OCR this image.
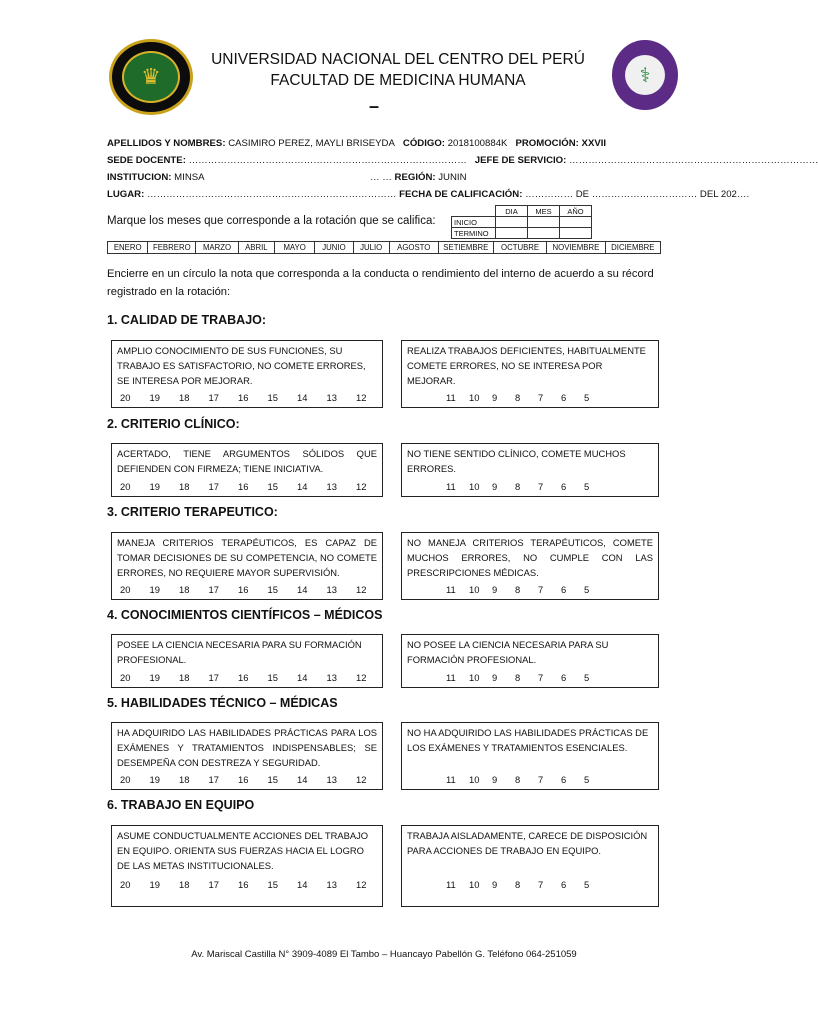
♛	⚕
UNIVERSIDAD NACIONAL DEL CENTRO DEL PERÚ
FACULTAD DE MEDICINA HUMANA
–
APELLIDOS Y NOMBRES: CASIMIRO PEREZ, MAYLI BRISEYDA CÓDIGO: 2018100884K PROMOCIÓN: XXVII
SEDE DOCENTE: …………………………………………………………………………… JEFE DE SERVICIO: ……………………………………………………………………
INSTITUCION: MINSA	… … REGIÓN: JUNIN
LUGAR: …………………………………………………………………… FECHA DE CALIFICACIÓN: …………… DE …………………………… DEL 202….
Marque los meses que corresponde a la rotación que se califica:
	DIA	MES	AÑO
INICIO			
TERMINO			
ENERO	FEBRERO	MARZO	ABRIL	MAYO	JUNIO	JULIO	AGOSTO	SETIEMBRE	OCTUBRE	NOVIEMBRE	DICIEMBRE
Encierre en un círculo la nota que corresponda a la conducta o rendimiento del interno de acuerdo a su récord registrado en la rotación:
1. CALIDAD DE TRABAJO:
AMPLIO CONOCIMIENTO DE SUS FUNCIONES, SU TRABAJO ES SATISFACTORIO, NO COMETE ERRORES, SE INTERESA POR MEJORAR.
20	19	18	17	16	15	14	13	12
REALIZA TRABAJOS DEFICIENTES, HABITUALMENTE COMETE ERRORES, NO SE INTERESA POR MEJORAR.
11	10	9	8	7	6	5
2. CRITERIO CLÍNICO:
ACERTADO, TIENE ARGUMENTOS SÓLIDOS QUE DEFIENDEN CON FIRMEZA; TIENE INICIATIVA.
20	19	18	17	16	15	14	13	12
NO TIENE SENTIDO CLÍNICO, COMETE MUCHOS ERRORES.
11	10	9	8	7	6	5
3. CRITERIO TERAPEUTICO:
MANEJA CRITERIOS TERAPÉUTICOS, ES CAPAZ DE TOMAR DECISIONES DE SU COMPETENCIA, NO COMETE ERRORES, NO REQUIERE MAYOR SUPERVISIÓN.
20	19	18	17	16	15	14	13	12
NO MANEJA CRITERIOS TERAPÉUTICOS, COMETE MUCHOS ERRORES, NO CUMPLE CON LAS PRESCRIPCIONES MÉDICAS.
11	10	9	8	7	6	5
4. CONOCIMIENTOS CIENTÍFICOS – MÉDICOS
POSEE LA CIENCIA NECESARIA PARA SU FORMACIÓN PROFESIONAL.
20	19	18	17	16	15	14	13	12
NO POSEE LA CIENCIA NECESARIA PARA SU FORMACIÓN PROFESIONAL.
11	10	9	8	7	6	5
5. HABILIDADES TÉCNICO – MÉDICAS
HA ADQUIRIDO LAS HABILIDADES PRÁCTICAS PARA LOS EXÁMENES Y TRATAMIENTOS INDISPENSABLES; SE DESEMPEÑA CON DESTREZA Y SEGURIDAD.
20	19	18	17	16	15	14	13	12
NO HA ADQUIRIDO LAS HABILIDADES PRÁCTICAS DE LOS EXÁMENES Y TRATAMIENTOS ESENCIALES.
11	10	9	8	7	6	5
6. TRABAJO EN EQUIPO
ASUME CONDUCTUALMENTE ACCIONES DEL TRABAJO EN EQUIPO. ORIENTA SUS FUERZAS HACIA EL LOGRO DE LAS METAS INSTITUCIONALES.
20	19	18	17	16	15	14	13	12
TRABAJA AISLADAMENTE, CARECE DE DISPOSICIÓN PARA ACCIONES DE TRABAJO EN EQUIPO.
11	10	9	8	7	6	5
Av. Mariscal Castilla N° 3909-4089 El Tambo – Huancayo Pabellón G. Teléfono 064-251059
